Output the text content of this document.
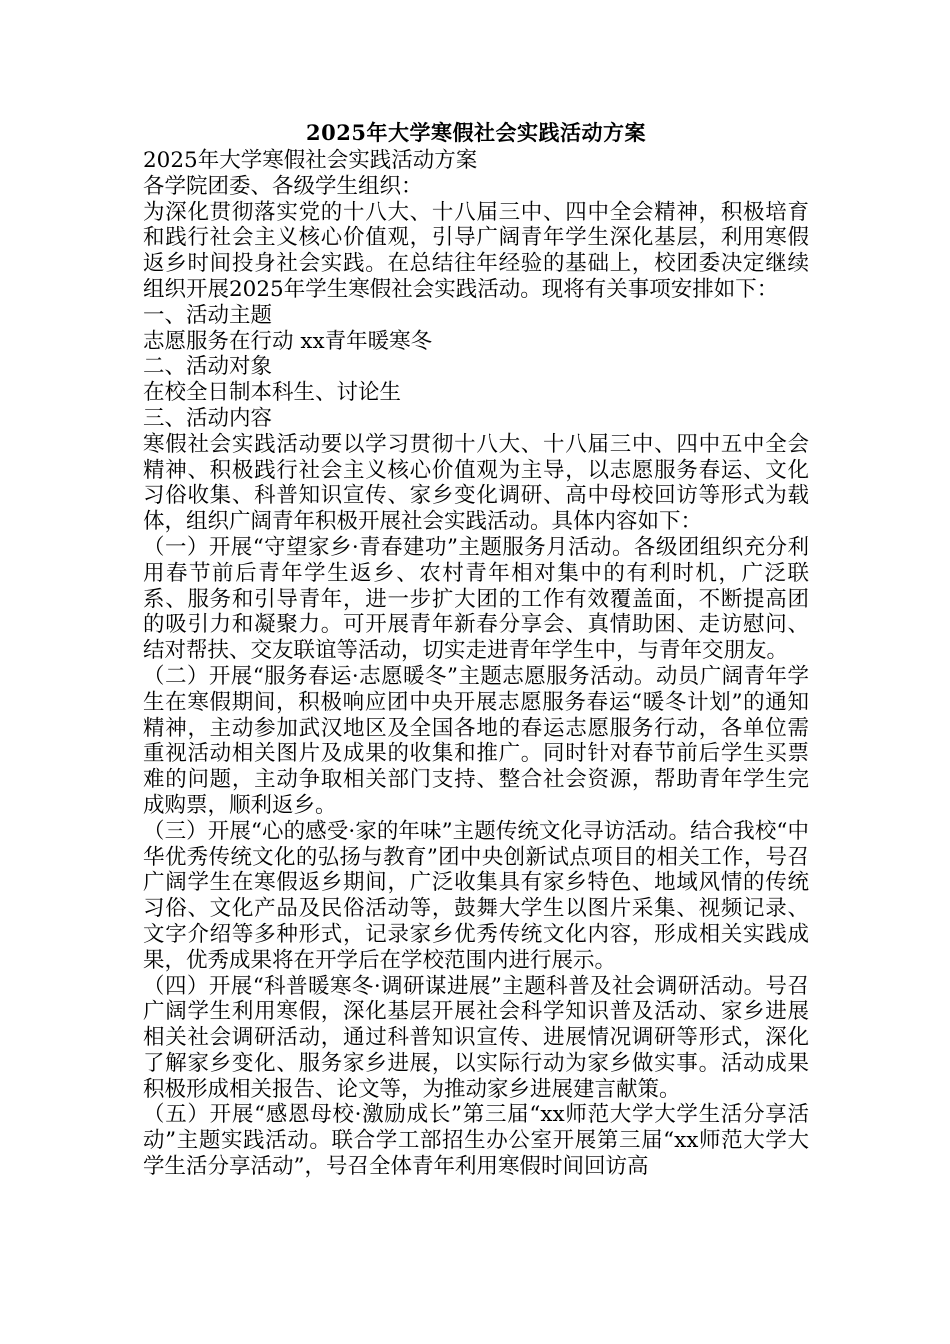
2025年大学寒假社会实践活动方案

2025年大学寒假社会实践活动方案

各学院团委、各级学生组织：

为深化贯彻落实党的十八大、十八届三中、四中全会精神，积极培育和践行社会主义核心价值观，引导广阔青年学生深化基层，利用寒假返乡时间投身社会实践。在总结往年经验的基础上，校团委决定继续组织开展2025年学生寒假社会实践活动。现将有关事项安排如下：

一、活动主题

志愿服务在行动 xx青年暖寒冬

二、活动对象

在校全日制本科生、讨论生

三、活动内容

寒假社会实践活动要以学习贯彻十八大、十八届三中、四中五中全会精神、积极践行社会主义核心价值观为主导，以志愿服务春运、文化习俗收集、科普知识宣传、家乡变化调研、高中母校回访等形式为载体，组织广阔青年积极开展社会实践活动。具体内容如下：

（一）开展“守望家乡·青春建功”主题服务月活动。各级团组织充分利用春节前后青年学生返乡、农村青年相对集中的有利时机，广泛联系、服务和引导青年，进一步扩大团的工作有效覆盖面，不断提高团的吸引力和凝聚力。可开展青年新春分享会、真情助困、走访慰问、结对帮扶、交友联谊等活动，切实走进青年学生中，与青年交朋友。

（二）开展“服务春运·志愿暖冬”主题志愿服务活动。动员广阔青年学生在寒假期间，积极响应团中央开展志愿服务春运“暖冬计划”的通知精神，主动参加武汉地区及全国各地的春运志愿服务行动，各单位需重视活动相关图片及成果的收集和推广。同时针对春节前后学生买票难的问题，主动争取相关部门支持、整合社会资源，帮助青年学生完成购票，顺利返乡。

（三）开展“心的感受·家的年味”主题传统文化寻访活动。结合我校“中华优秀传统文化的弘扬与教育”团中央创新试点项目的相关工作，号召广阔学生在寒假返乡期间，广泛收集具有家乡特色、地域风情的传统习俗、文化产品及民俗活动等，鼓舞大学生以图片采集、视频记录、文字介绍等多种形式，记录家乡优秀传统文化内容，形成相关实践成果，优秀成果将在开学后在学校范围内进行展示。

（四）开展“科普暖寒冬·调研谋进展”主题科普及社会调研活动。号召广阔学生利用寒假，深化基层开展社会科学知识普及活动、家乡进展相关社会调研活动，通过科普知识宣传、进展情况调研等形式，深化了解家乡变化、服务家乡进展，以实际行动为家乡做实事。活动成果积极形成相关报告、论文等，为推动家乡进展建言献策。

（五）开展“感恩母校·激励成长”第三届“xx师范大学大学生活分享活动”主题实践活动。联合学工部招生办公室开展第三届“xx师范大学大学生活分享活动”，号召全体青年利用寒假时间回访高
